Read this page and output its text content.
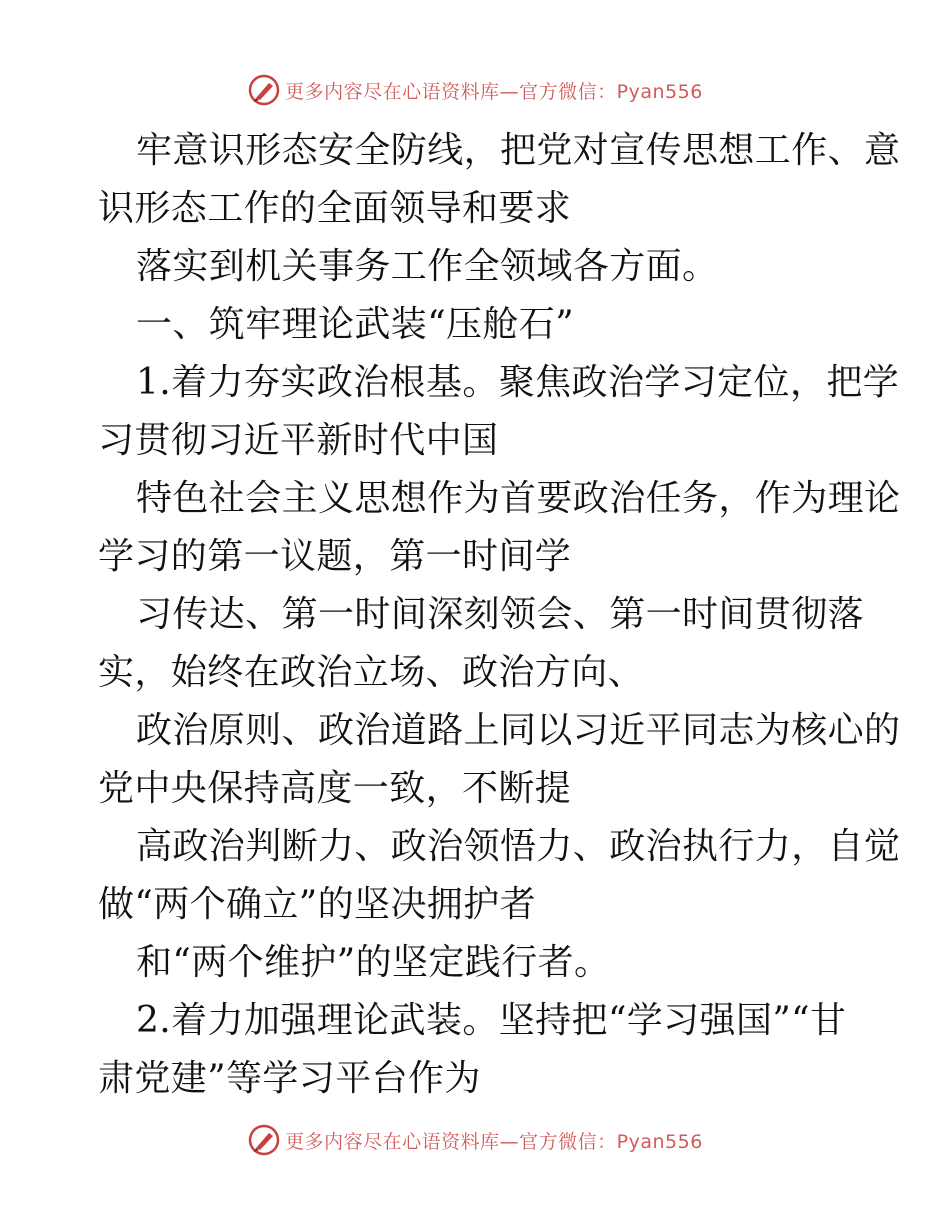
更多内容尽在心语资料库—官方微信：Pyan556
牢意识形态安全防线，把党对宣传思想工作、意
识形态工作的全面领导和要求
落实到机关事务工作全领域各方面。
一、筑牢理论武装“压舱石”
1.着力夯实政治根基。聚焦政治学习定位，把学
习贯彻习近平新时代中国
特色社会主义思想作为首要政治任务，作为理论
学习的第一议题，第一时间学
习传达、第一时间深刻领会、第一时间贯彻落
实，始终在政治立场、政治方向、
政治原则、政治道路上同以习近平同志为核心的
党中央保持高度一致，不断提
高政治判断力、政治领悟力、政治执行力，自觉
做“两个确立”的坚决拥护者
和“两个维护”的坚定践行者。
2.着力加强理论武装。坚持把“学习强国”“甘
肃党建”等学习平台作为
更多内容尽在心语资料库—官方微信：Pyan556
